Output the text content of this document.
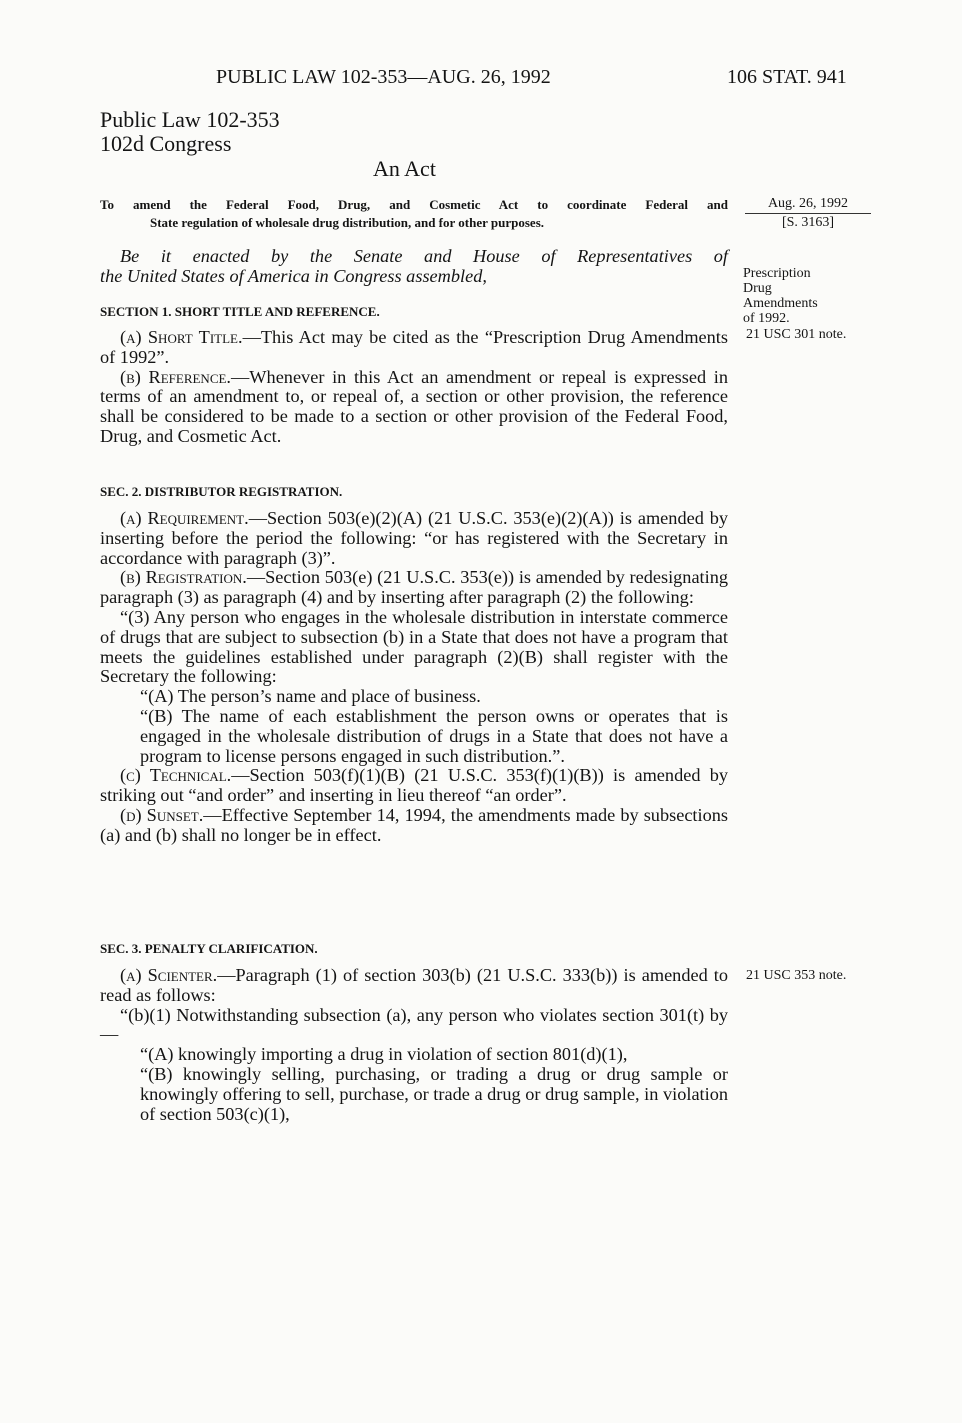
PUBLIC LAW 102-353—AUG. 26, 1992	106 STAT. 941
Public Law 102-353
102d Congress
An Act
To amend the Federal Food, Drug, and Cosmetic Act to coordinate Federal and
State regulation of wholesale drug distribution, and for other purposes.
Aug. 26, 1992
[S. 3163]
Prescription
Drug
Amendments
of 1992.
21 USC 301 note.
21 USC 353 note.
Be it enacted by the Senate and House of Representatives of
the United States of America in Congress assembled,
SECTION 1. SHORT TITLE AND REFERENCE.

(a) Short Title.—This Act may be cited as the “Prescription Drug Amendments of 1992”.

(b) Reference.—Whenever in this Act an amendment or repeal is expressed in terms of an amendment to, or repeal of, a section or other provision, the reference shall be considered to be made to a section or other provision of the Federal Food, Drug, and Cosmetic Act.

SEC. 2. DISTRIBUTOR REGISTRATION.

(a) Requirement.—Section 503(e)(2)(A) (21 U.S.C. 353(e)(2)(A)) is amended by inserting before the period the following: “or has registered with the Secretary in accordance with paragraph (3)”.

(b) Registration.—Section 503(e) (21 U.S.C. 353(e)) is amended by redesignating paragraph (3) as paragraph (4) and by inserting after paragraph (2) the following:

“(3) Any person who engages in the wholesale distribution in interstate commerce of drugs that are subject to subsection (b) in a State that does not have a program that meets the guidelines established under paragraph (2)(B) shall register with the Secretary the following:

“(A) The person’s name and place of business.

“(B) The name of each establishment the person owns or operates that is engaged in the wholesale distribution of drugs in a State that does not have a program to license persons engaged in such distribution.”.

(c) Technical.—Section 503(f)(1)(B) (21 U.S.C. 353(f)(1)(B)) is amended by striking out “and order” and inserting in lieu thereof “an order”.

(d) Sunset.—Effective September 14, 1994, the amendments made by subsections (a) and (b) shall no longer be in effect.

SEC. 3. PENALTY CLARIFICATION.

(a) Scienter.—Paragraph (1) of section 303(b) (21 U.S.C. 333(b)) is amended to read as follows:

“(b)(1) Notwithstanding subsection (a), any person who violates section 301(t) by—

“(A) knowingly importing a drug in violation of section 801(d)(1),

“(B) knowingly selling, purchasing, or trading a drug or drug sample or knowingly offering to sell, purchase, or trade a drug or drug sample, in violation of section 503(c)(1),
